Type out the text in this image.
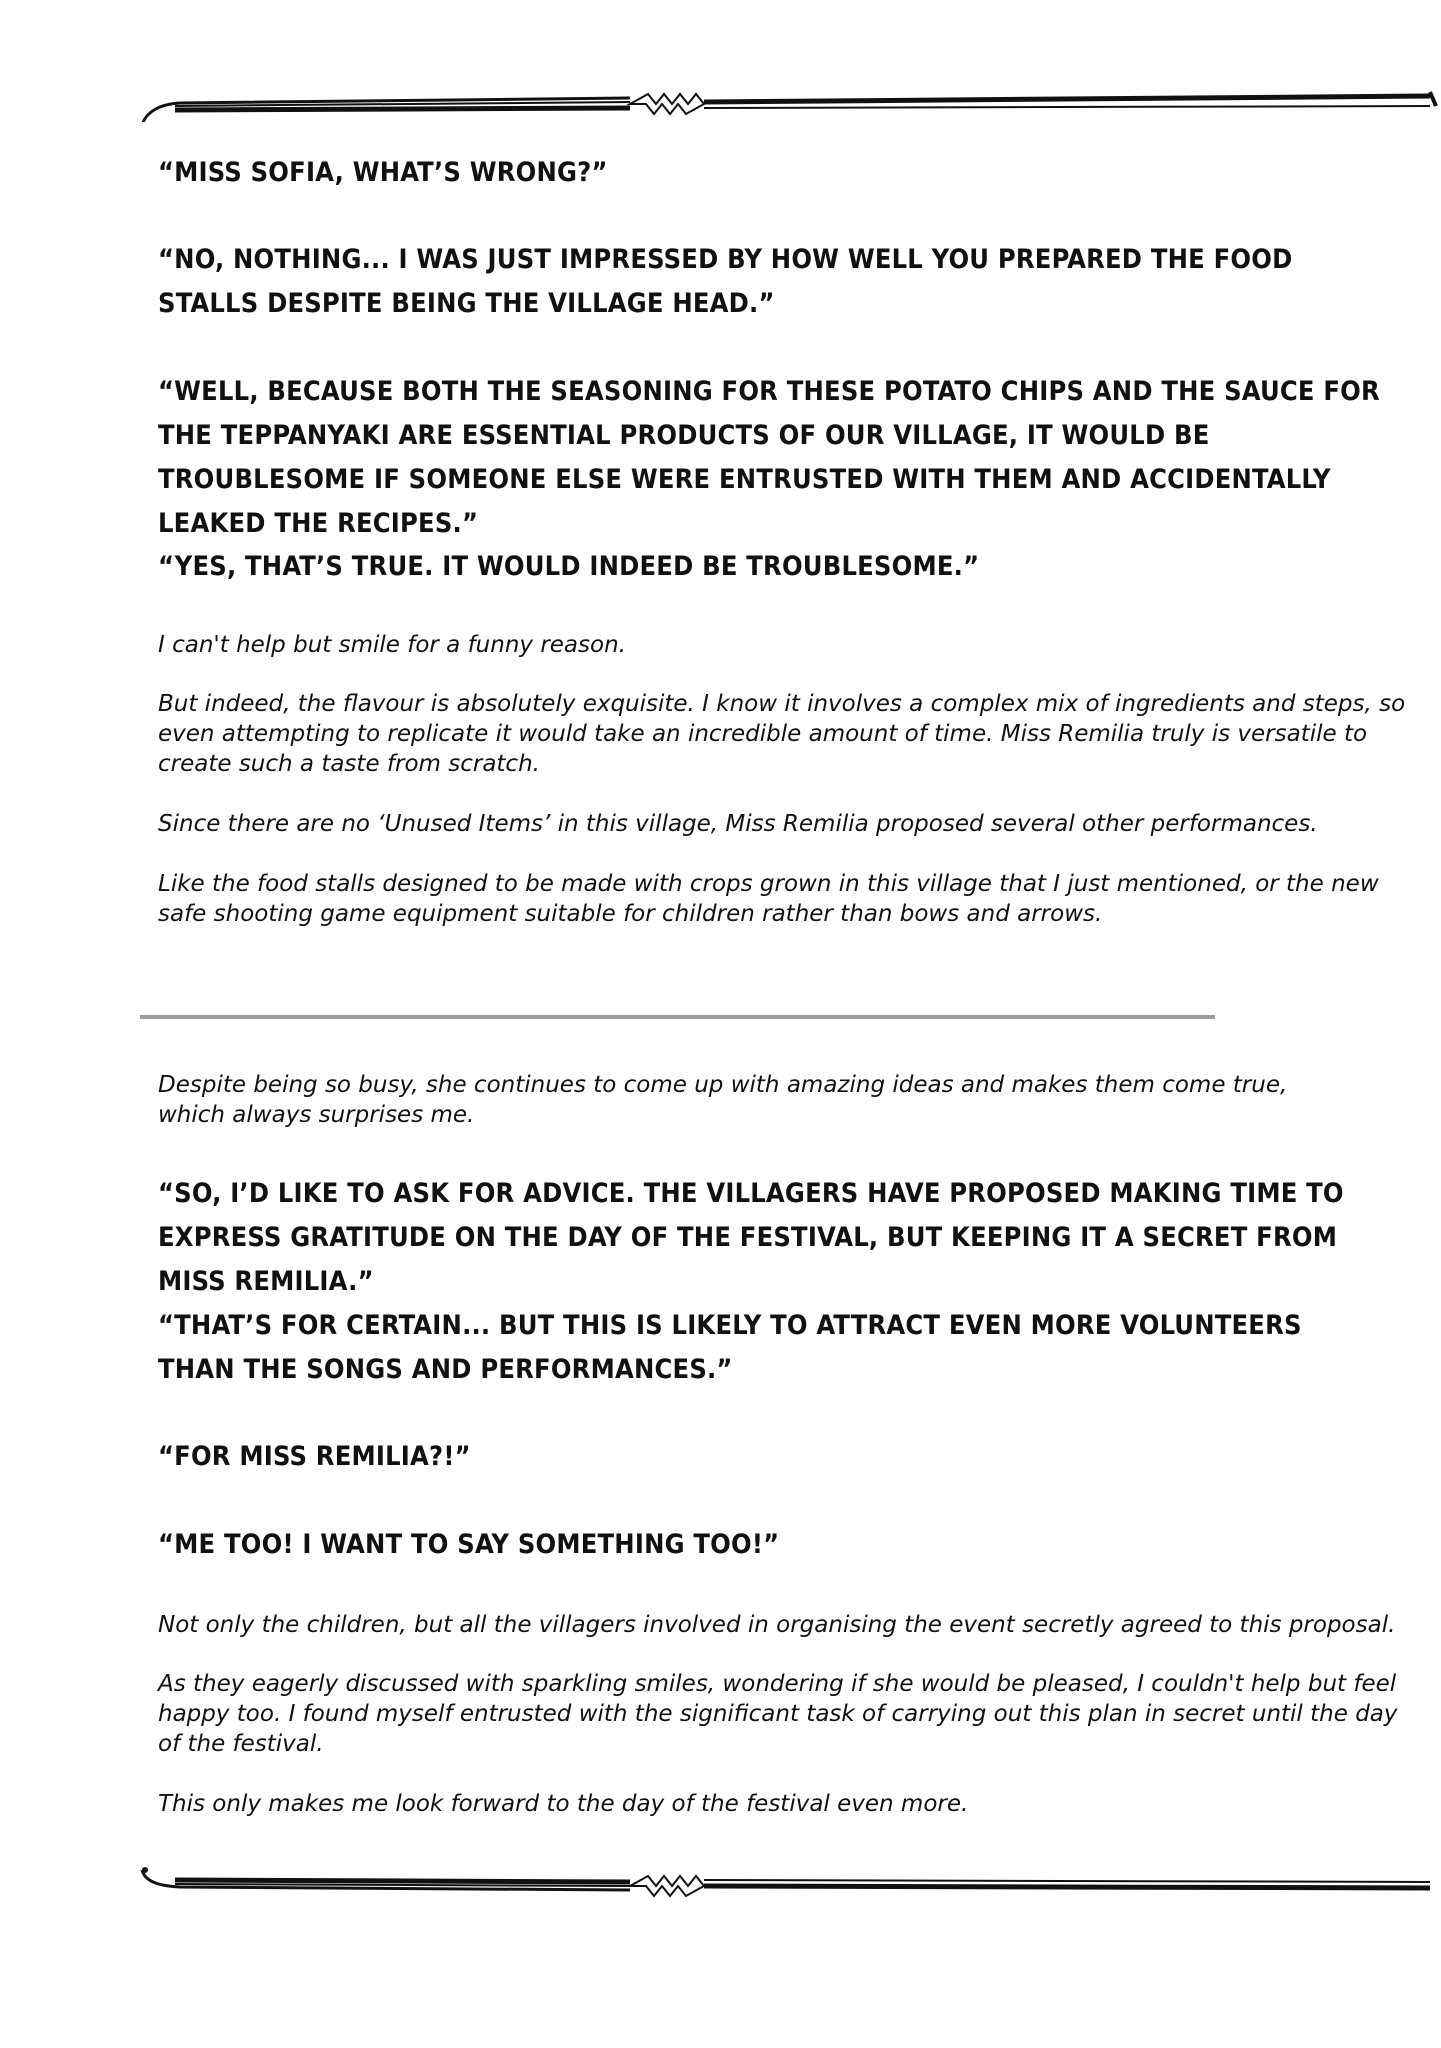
“MISS SOFIA, WHAT’S WRONG?”

“NO, NOTHING... I WAS JUST IMPRESSED BY HOW WELL YOU PREPARED THE FOOD STALLS DESPITE BEING THE VILLAGE HEAD.”

“WELL, BECAUSE BOTH THE SEASONING FOR THESE POTATO CHIPS AND THE SAUCE FOR THE TEPPANYAKI ARE ESSENTIAL PRODUCTS OF OUR VILLAGE, IT WOULD BE TROUBLESOME IF SOMEONE ELSE WERE ENTRUSTED WITH THEM AND ACCIDENTALLY LEAKED THE RECIPES.”

“YES, THAT’S TRUE. IT WOULD INDEED BE TROUBLESOME.”

I can't help but smile for a funny reason.

But indeed, the flavour is absolutely exquisite. I know it involves a complex mix of ingredients and steps, so even attempting to replicate it would take an incredible amount of time. Miss Remilia truly is versatile to create such a taste from scratch.

Since there are no ‘Unused Items’ in this village, Miss Remilia proposed several other performances.

Like the food stalls designed to be made with crops grown in this village that I just mentioned, or the new safe shooting game equipment suitable for children rather than bows and arrows.

Despite being so busy, she continues to come up with amazing ideas and makes them come true, which always surprises me.

“SO, I’D LIKE TO ASK FOR ADVICE. THE VILLAGERS HAVE PROPOSED MAKING TIME TO EXPRESS GRATITUDE ON THE DAY OF THE FESTIVAL, BUT KEEPING IT A SECRET FROM MISS REMILIA.”

“THAT’S FOR CERTAIN... BUT THIS IS LIKELY TO ATTRACT EVEN MORE VOLUNTEERS THAN THE SONGS AND PERFORMANCES.”

“FOR MISS REMILIA?!”

“ME TOO! I WANT TO SAY SOMETHING TOO!”

Not only the children, but all the villagers involved in organising the event secretly agreed to this proposal.

As they eagerly discussed with sparkling smiles, wondering if she would be pleased, I couldn't help but feel happy too. I found myself entrusted with the significant task of carrying out this plan in secret until the day of the festival.

This only makes me look forward to the day of the festival even more.
